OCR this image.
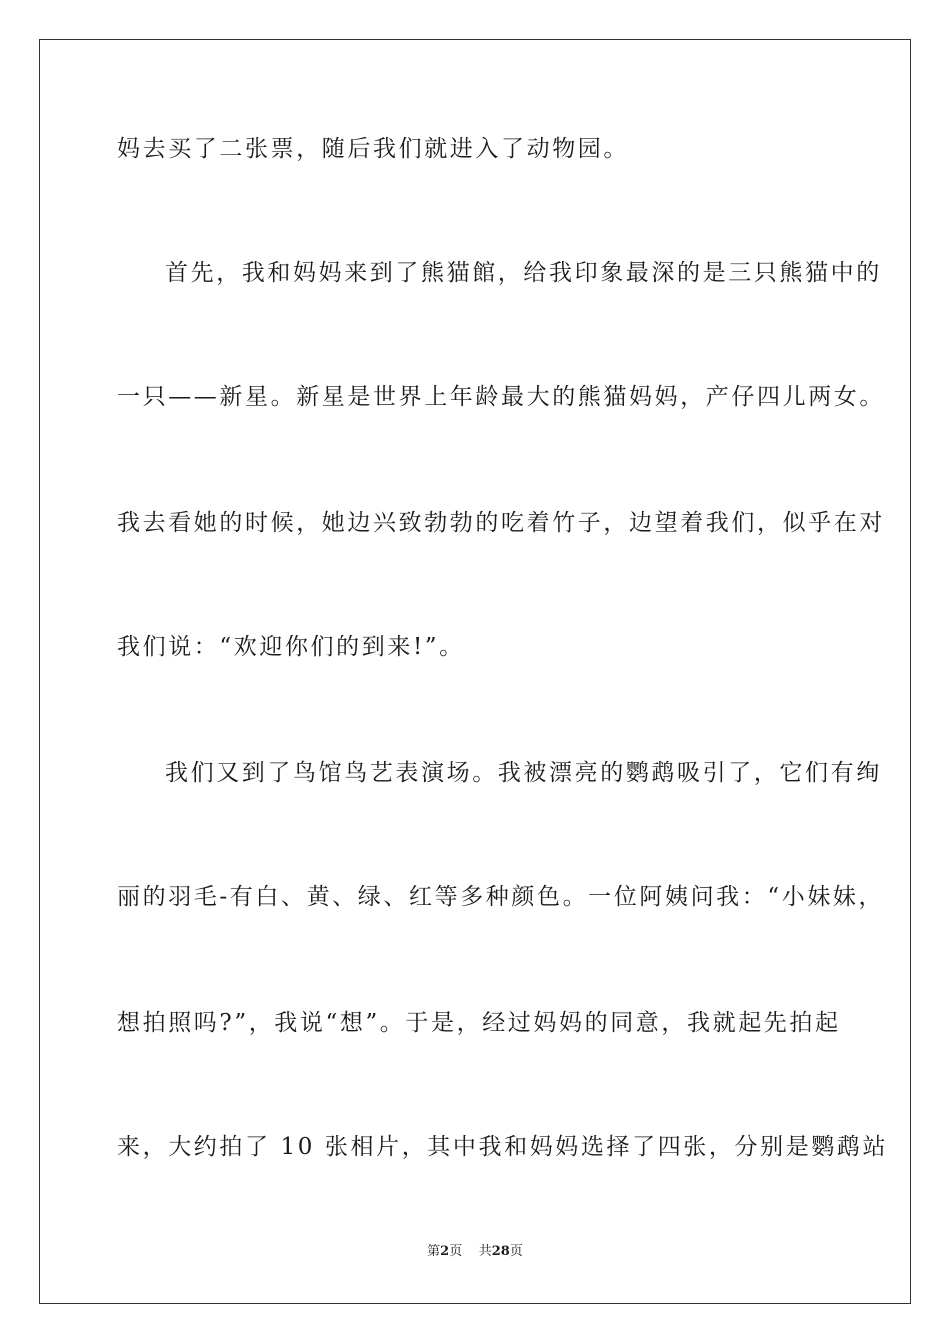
妈去买了二张票，随后我们就进入了动物园。
首先，我和妈妈来到了熊猫館，给我印象最深的是三只熊猫中的
一只——新星。新星是世界上年龄最大的熊猫妈妈，产仔四儿两女。
我去看她的时候，她边兴致勃勃的吃着竹子，边望着我们，似乎在对
我们说：“欢迎你们的到来!”。
我们又到了鸟馆鸟艺表演场。我被漂亮的鹦鹉吸引了，它们有绚
丽的羽毛-有白、黄、绿、红等多种颜色。一位阿姨问我：“小妹妹，
想拍照吗?”，我说“想”。于是，经过妈妈的同意，我就起先拍起
来，大约拍了 10 张相片，其中我和妈妈选择了四张，分别是鹦鹉站
第2页 共28页
